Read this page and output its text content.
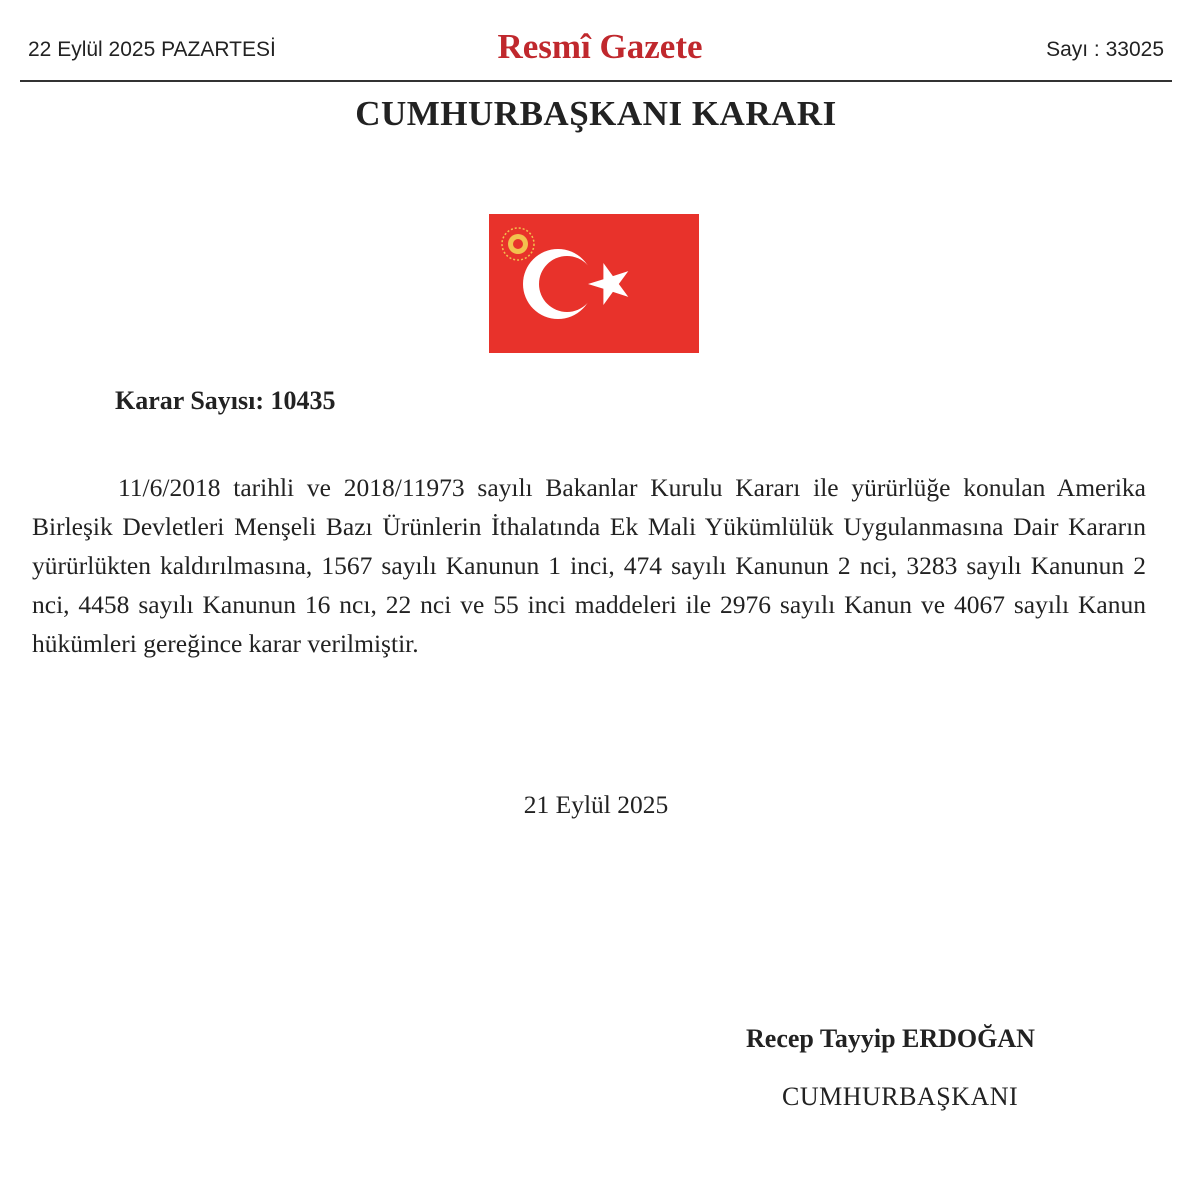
22 Eylül 2025 PAZARTESİ	Resmî Gazete	Sayı : 33025
CUMHURBAŞKANI KARARI
Karar Sayısı: 10435

11/6/2018 tarihli ve 2018/11973 sayılı Bakanlar Kurulu Kararı ile yürürlüğe konulan Amerika Birleşik Devletleri Menşeli Bazı Ürünlerin İthalatında Ek Mali Yükümlülük Uygulanmasına Dair Kararın yürürlükten kaldırılmasına, 1567 sayılı Kanunun 1 inci, 474 sayılı Kanunun 2 nci, 3283 sayılı Kanunun 2 nci, 4458 sayılı Kanunun 16 ncı, 22 nci ve 55 inci maddeleri ile 2976 sayılı Kanun ve 4067 sayılı Kanun hükümleri gereğince karar verilmiştir.

21 Eylül 2025
Recep Tayyip ERDOĞAN
CUMHURBAŞKANI
